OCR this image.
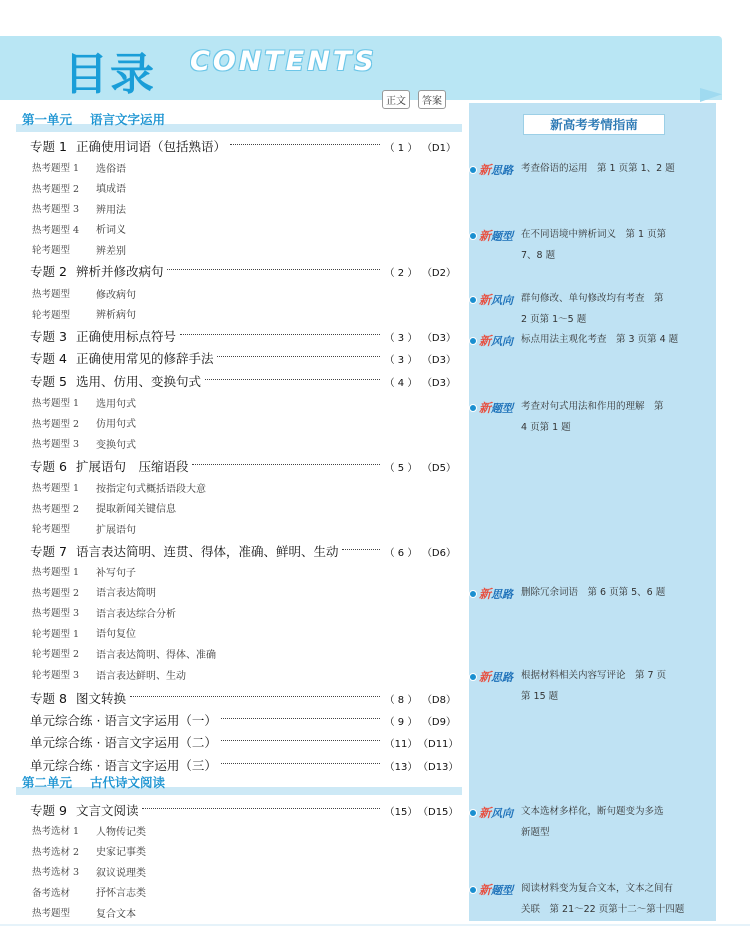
目录 CONTENTS
正文	答案
第一单元 语言文字运用
第二单元 古代诗文阅读
专题 1 正确使用词语（包括熟语）	（ 1 ） （D1）
热考题型 1	选俗语
热考题型 2	填成语
热考题型 3	辨用法
热考题型 4	析词义
轮考题型	辨差别
专题 2 辨析并修改病句	（ 2 ） （D2）
热考题型	修改病句
轮考题型	辨析病句
专题 3 正确使用标点符号	（ 3 ） （D3）
专题 4 正确使用常见的修辞手法	（ 3 ） （D3）
专题 5 选用、仿用、变换句式	（ 4 ） （D3）
热考题型 1	选用句式
热考题型 2	仿用句式
热考题型 3	变换句式
专题 6 扩展语句　压缩语段	（ 5 ） （D5）
热考题型 1	按指定句式概括语段大意
热考题型 2	提取新闻关键信息
轮考题型	扩展语句
专题 7 语言表达简明、连贯、得体，准确、鲜明、生动	（ 6 ） （D6）
热考题型 1	补写句子
热考题型 2	语言表达简明
热考题型 3	语言表达综合分析
轮考题型 1	语句复位
轮考题型 2	语言表达简明、得体、准确
轮考题型 3	语言表达鲜明、生动
专题 8 图文转换	（ 8 ） （D8）
单元综合练 · 语言文字运用（一）	（ 9 ） （D9）
单元综合练 · 语言文字运用（二）	（11） （D11）
单元综合练 · 语言文字运用（三）	（13） （D13）
专题 9 文言文阅读	（15） （D15）
热考选材 1	人物传记类
热考选材 2	史家记事类
热考选材 3	叙议说理类
备考选材	抒怀言志类
热考题型	复合文本
新高考考情指南
新思路 考查俗语的运用　第 1 页第 1、2 题
新题型 在不同语境中辨析词义　第 1 页第
7、8 题
新风向 群句修改、单句修改均有考查　第
2 页第 1～5 题
新风向 标点用法主观化考查　第 3 页第 4 题
新题型 考查对句式用法和作用的理解　第
4 页第 1 题
新思路 删除冗余词语　第 6 页第 5、6 题
新思路 根据材料相关内容写评论　第 7 页
第 15 题
新风向 文本选材多样化，断句题变为多选
新题型
新题型 阅读材料变为复合文本，文本之间有
关联　第 21～22 页第十二～第十四题
